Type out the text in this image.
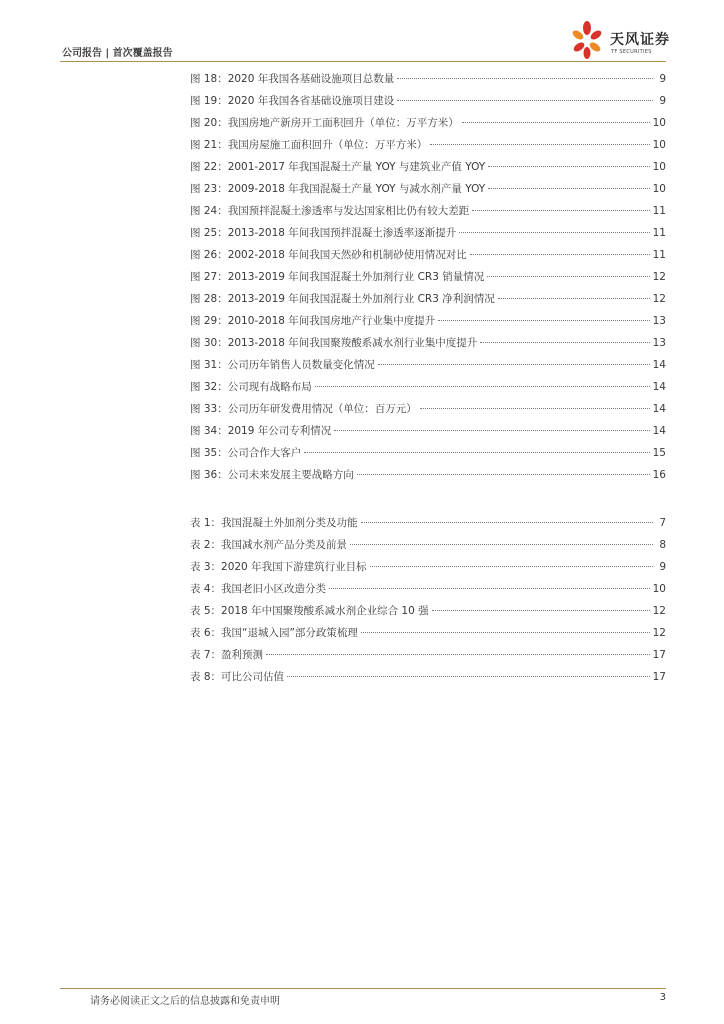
公司报告 | 首次覆盖报告
天风证券
TF SECURITIES
图 18：2020 年我国各基础设施项目总数量	9
图 19：2020 年我国各省基础设施项目建设	9
图 20：我国房地产新房开工面积回升（单位：万平方米）	10
图 21：我国房屋施工面积回升（单位：万平方米）	10
图 22：2001-2017 年我国混凝土产量 YOY 与建筑业产值 YOY	10
图 23：2009-2018 年我国混凝土产量 YOY 与减水剂产量 YOY	10
图 24：我国预拌混凝土渗透率与发达国家相比仍有较大差距	11
图 25：2013-2018 年间我国预拌混凝土渗透率逐渐提升	11
图 26：2002-2018 年间我国天然砂和机制砂使用情况对比	11
图 27：2013-2019 年间我国混凝土外加剂行业 CR3 销量情况	12
图 28：2013-2019 年间我国混凝土外加剂行业 CR3 净利润情况	12
图 29：2010-2018 年间我国房地产行业集中度提升	13
图 30：2013-2018 年间我国聚羧酸系减水剂行业集中度提升	13
图 31：公司历年销售人员数量变化情况	14
图 32：公司现有战略布局	14
图 33：公司历年研发费用情况（单位：百万元）	14
图 34：2019 年公司专利情况	14
图 35：公司合作大客户	15
图 36：公司未来发展主要战略方向	16
表 1：我国混凝土外加剂分类及功能	7
表 2：我国减水剂产品分类及前景	8
表 3：2020 年我国下游建筑行业目标	9
表 4：我国老旧小区改造分类	10
表 5：2018 年中国聚羧酸系减水剂企业综合 10 强	12
表 6：我国“退城入园”部分政策梳理	12
表 7：盈利预测	17
表 8：可比公司估值	17
请务必阅读正文之后的信息披露和免责申明	3
